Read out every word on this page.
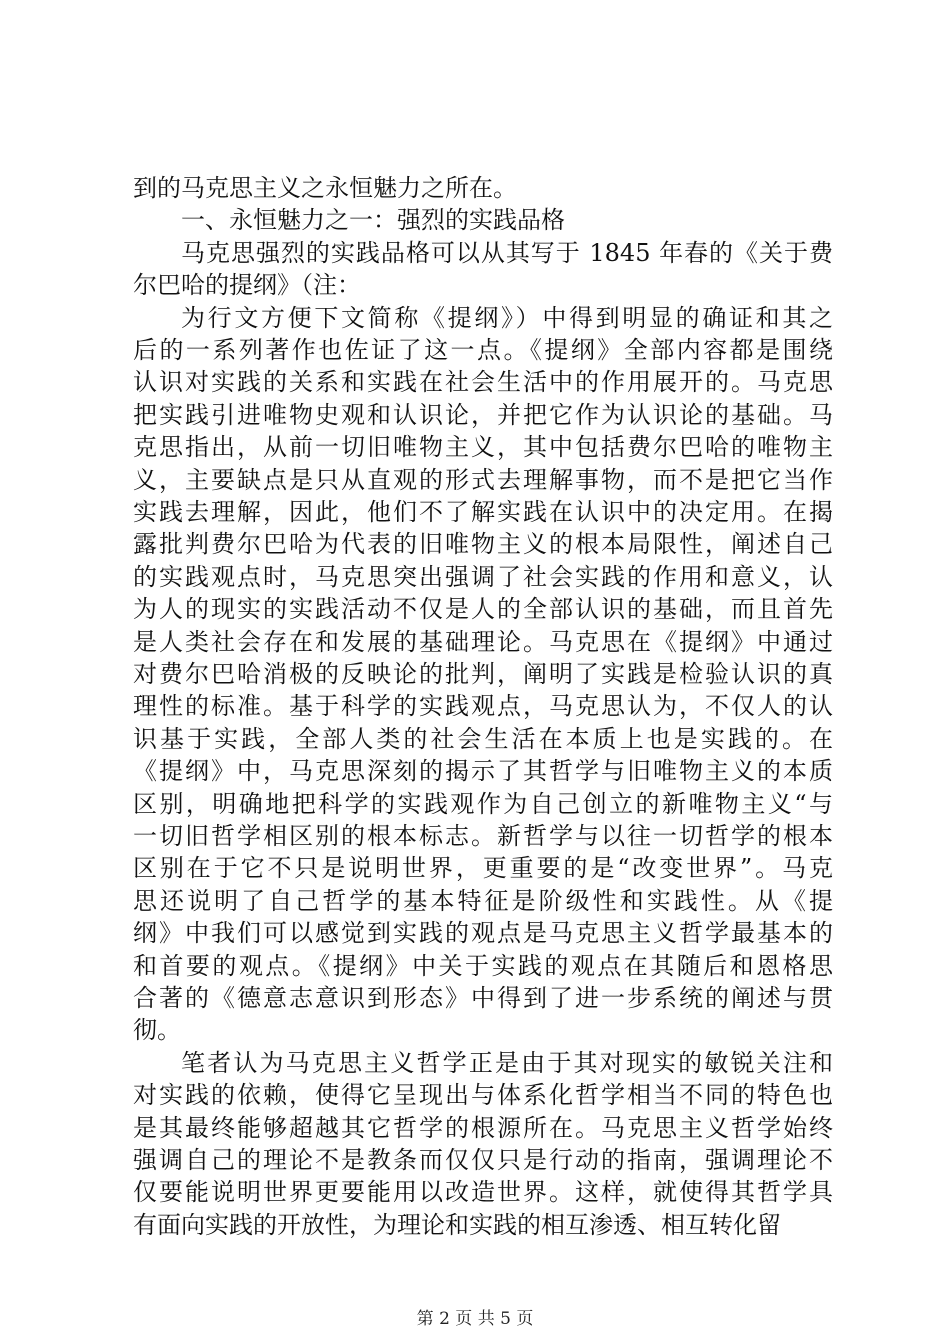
到的马克思主义之永恒魅力之所在。
一、永恒魅力之一：强烈的实践品格
马克思强烈的实践品格可以从其写于 1845 年春的《关于费
尔巴哈的提纲》（注：
为行文方便下文简称《提纲》）中得到明显的确证和其之
后的一系列著作也佐证了这一点。《提纲》全部内容都是围绕
认识对实践的关系和实践在社会生活中的作用展开的。马克思
把实践引进唯物史观和认识论，并把它作为认识论的基础。马
克思指出，从前一切旧唯物主义，其中包括费尔巴哈的唯物主
义，主要缺点是只从直观的形式去理解事物，而不是把它当作
实践去理解，因此，他们不了解实践在认识中的决定用。在揭
露批判费尔巴哈为代表的旧唯物主义的根本局限性，阐述自己
的实践观点时，马克思突出强调了社会实践的作用和意义，认
为人的现实的实践活动不仅是人的全部认识的基础，而且首先
是人类社会存在和发展的基础理论。马克思在《提纲》中通过
对费尔巴哈消极的反映论的批判，阐明了实践是检验认识的真
理性的标准。基于科学的实践观点，马克思认为，不仅人的认
识基于实践，全部人类的社会生活在本质上也是实践的。在
《提纲》中，马克思深刻的揭示了其哲学与旧唯物主义的本质
区别，明确地把科学的实践观作为自己创立的新唯物主义“与
一切旧哲学相区别的根本标志。新哲学与以往一切哲学的根本
区别在于它不只是说明世界，更重要的是“改变世界”。马克
思还说明了自己哲学的基本特征是阶级性和实践性。从《提
纲》中我们可以感觉到实践的观点是马克思主义哲学最基本的
和首要的观点。《提纲》中关于实践的观点在其随后和恩格思
合著的《德意志意识到形态》中得到了进一步系统的阐述与贯
彻。
笔者认为马克思主义哲学正是由于其对现实的敏锐关注和
对实践的依赖，使得它呈现出与体系化哲学相当不同的特色也
是其最终能够超越其它哲学的根源所在。马克思主义哲学始终
强调自己的理论不是教条而仅仅只是行动的指南，强调理论不
仅要能说明世界更要能用以改造世界。这样，就使得其哲学具
有面向实践的开放性，为理论和实践的相互渗透、相互转化留
第 2 页 共 5 页
